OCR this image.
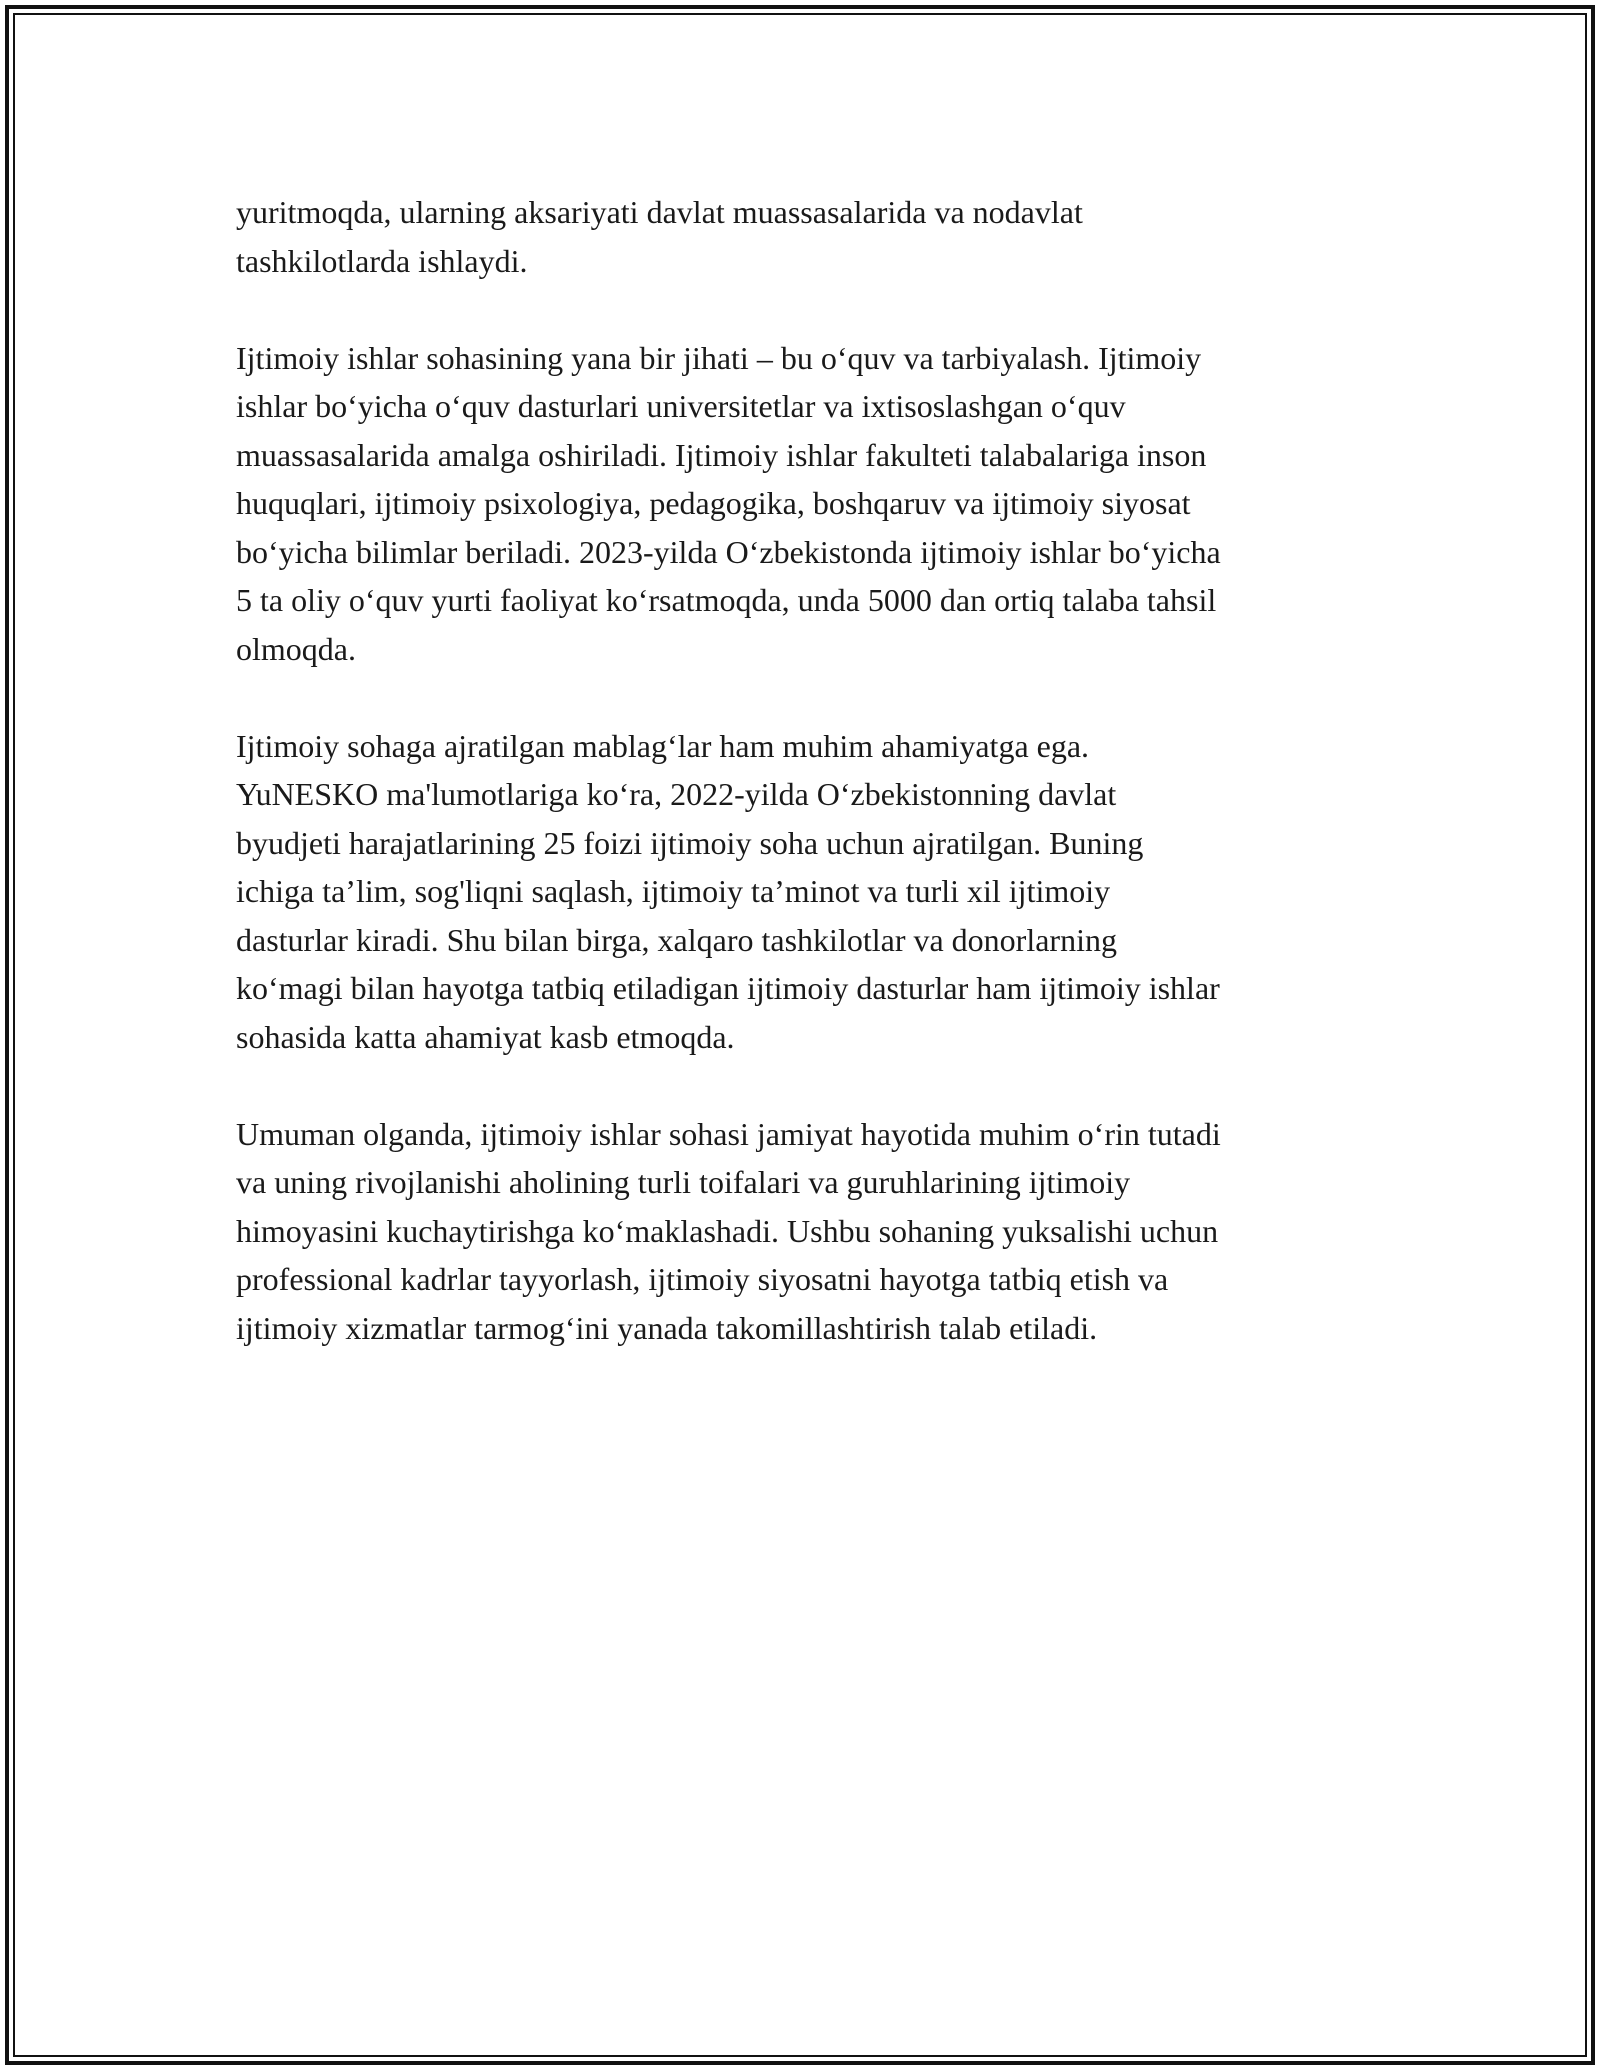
yuritmoqda, ularning aksariyati davlat muassasalarida va nodavlat
tashkilotlarda ishlaydi.

Ijtimoiy ishlar sohasining yana bir jihati – bu o‘quv va tarbiyalash. Ijtimoiy
ishlar bo‘yicha o‘quv dasturlari universitetlar va ixtisoslashgan o‘quv
muassasalarida amalga oshiriladi. Ijtimoiy ishlar fakulteti talabalariga inson
huquqlari, ijtimoiy psixologiya, pedagogika, boshqaruv va ijtimoiy siyosat
bo‘yicha bilimlar beriladi. 2023-yilda O‘zbekistonda ijtimoiy ishlar bo‘yicha
5 ta oliy o‘quv yurti faoliyat ko‘rsatmoqda, unda 5000 dan ortiq talaba tahsil
olmoqda.

Ijtimoiy sohaga ajratilgan mablag‘lar ham muhim ahamiyatga ega.
YuNESKO ma'lumotlariga ko‘ra, 2022-yilda O‘zbekistonning davlat
byudjeti harajatlarining 25 foizi ijtimoiy soha uchun ajratilgan. Buning
ichiga ta’lim, sog'liqni saqlash, ijtimoiy ta’minot va turli xil ijtimoiy
dasturlar kiradi. Shu bilan birga, xalqaro tashkilotlar va donorlarning
ko‘magi bilan hayotga tatbiq etiladigan ijtimoiy dasturlar ham ijtimoiy ishlar
sohasida katta ahamiyat kasb etmoqda.

Umuman olganda, ijtimoiy ishlar sohasi jamiyat hayotida muhim o‘rin tutadi
va uning rivojlanishi aholining turli toifalari va guruhlarining ijtimoiy
himoyasini kuchaytirishga ko‘maklashadi. Ushbu sohaning yuksalishi uchun
professional kadrlar tayyorlash, ijtimoiy siyosatni hayotga tatbiq etish va
ijtimoiy xizmatlar tarmog‘ini yanada takomillashtirish talab etiladi.
